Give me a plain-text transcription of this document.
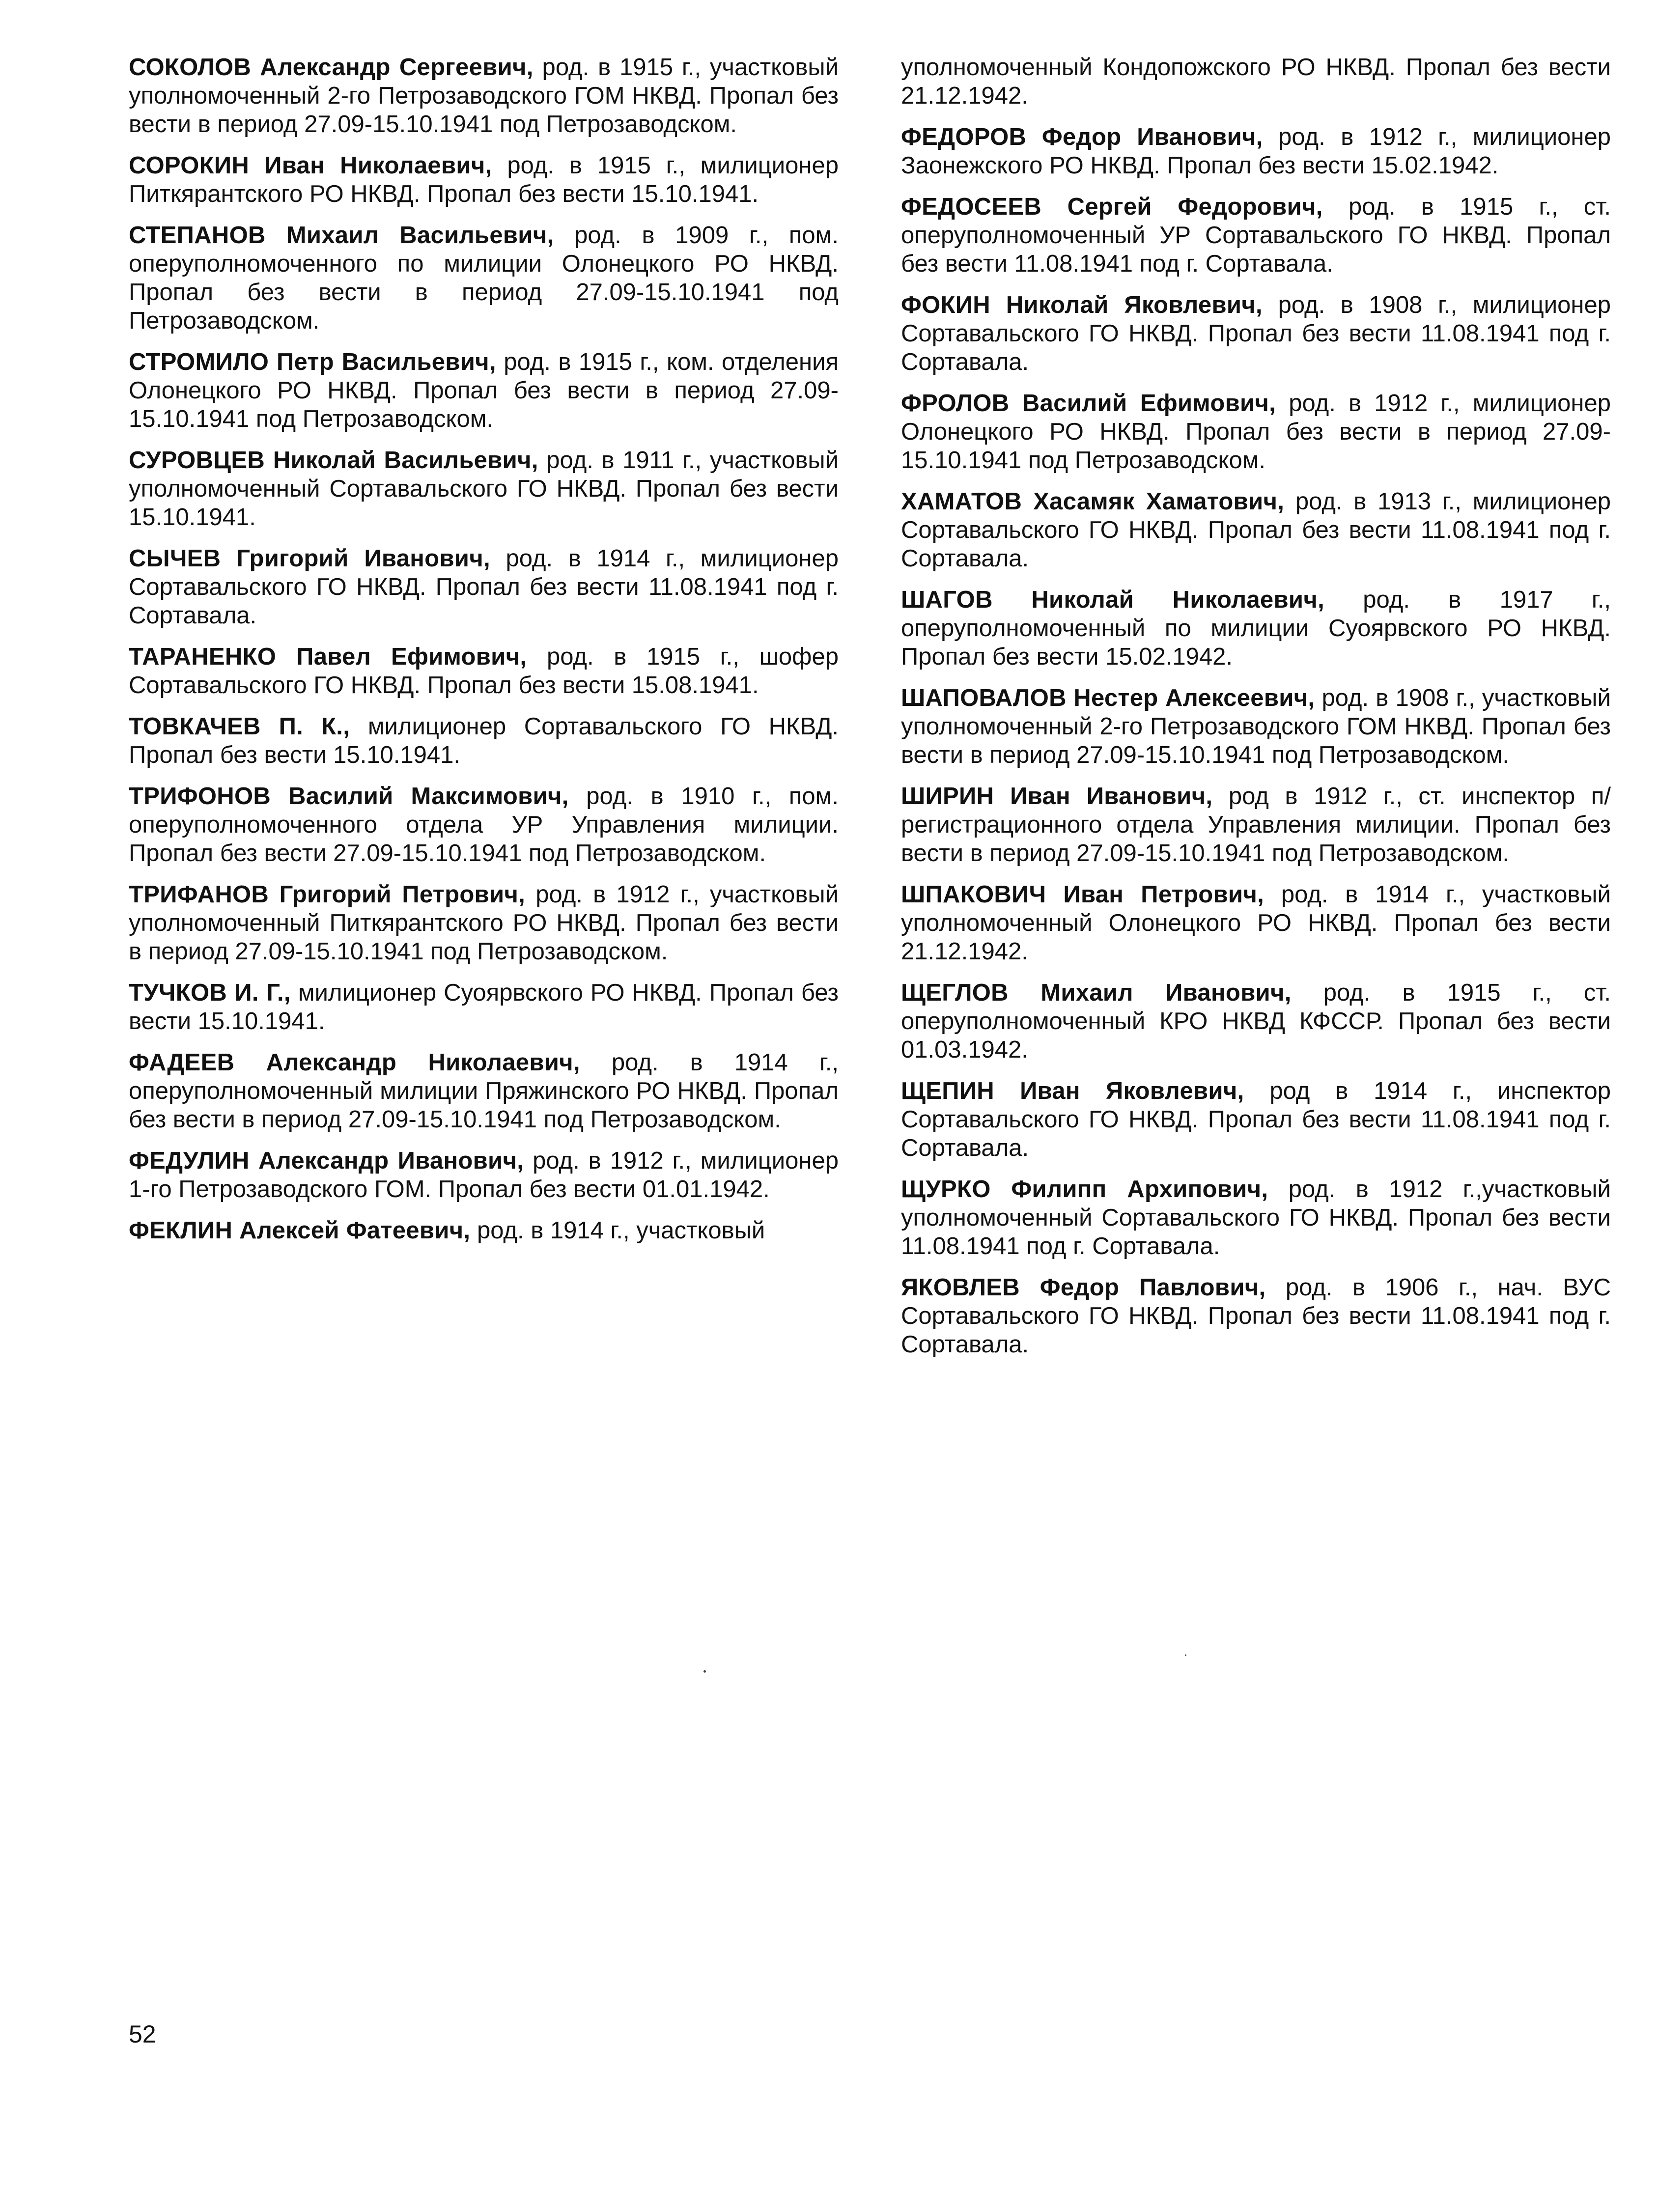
СОКОЛОВ Александр Сергеевич, род. в 1915 г., участковый уполномоченный 2-го Петрозаводского ГОМ НКВД. Пропал без вести в период 27.09-15.10.1941 под Петрозаводском.

СОРОКИН Иван Николаевич, род. в 1915 г., милиционер Питкярантского РО НКВД. Пропал без вести 15.10.1941.

СТЕПАНОВ Михаил Васильевич, род. в 1909 г., пом. оперуполномоченного по милиции Олонецкого РО НКВД. Пропал без вести в период 27.09-15.10.1941 под Петрозаводском.

СТРОМИЛО Петр Васильевич, род. в 1915 г., ком. отделения Олонецкого РО НКВД. Пропал без вести в период 27.09-15.10.1941 под Петрозаводском.

СУРОВЦЕВ Николай Васильевич, род. в 1911 г., участковый уполномоченный Сортавальского ГО НКВД. Пропал без вести 15.10.1941.

СЫЧЕВ Григорий Иванович, род. в 1914 г., милиционер Сортавальского ГО НКВД. Пропал без вести 11.08.1941 под г. Сортавала.

ТАРАНЕНКО Павел Ефимович, род. в 1915 г., шофер Сортавальского ГО НКВД. Пропал без вести 15.08.1941.

ТОВКАЧЕВ П. К., милиционер Сортавальского ГО НКВД. Пропал без вести 15.10.1941.

ТРИФОНОВ Василий Максимович, род. в 1910 г., пом. оперуполномоченного отдела УР Управления милиции. Пропал без вести 27.09-15.10.1941 под Петрозаводском.

ТРИФАНОВ Григорий Петрович, род. в 1912 г., участковый уполномоченный Питкярантского РО НКВД. Пропал без вести в период 27.09-15.10.1941 под Петрозаводском.

ТУЧКОВ И. Г., милиционер Суоярвского РО НКВД. Пропал без вести 15.10.1941.

ФАДЕЕВ Александр Николаевич, род. в 1914 г., оперуполномоченный милиции Пряжинского РО НКВД. Пропал без вести в период 27.09-15.10.1941 под Петрозаводском.

ФЕДУЛИН Александр Иванович, род. в 1912 г., милиционер 1-го Петрозаводского ГОМ. Пропал без вести 01.01.1942.

ФЕКЛИН Алексей Фатеевич, род. в 1914 г., участковый

уполномоченный Кондопожского РО НКВД. Пропал без вести 21.12.1942.

ФЕДОРОВ Федор Иванович, род. в 1912 г., милиционер Заонежского РО НКВД. Пропал без вести 15.02.1942.

ФЕДОСЕЕВ Сергей Федорович, род. в 1915 г., ст. оперуполномоченный УР Сортавальского ГО НКВД. Пропал без вести 11.08.1941 под г. Сортавала.

ФОКИН Николай Яковлевич, род. в 1908 г., милиционер Сортавальского ГО НКВД. Пропал без вести 11.08.1941 под г. Сортавала.

ФРОЛОВ Василий Ефимович, род. в 1912 г., милиционер Олонецкого РО НКВД. Пропал без вести в период 27.09-15.10.1941 под Петрозаводском.

ХАМАТОВ Хасамяк Хаматович, род. в 1913 г., милиционер Сортавальского ГО НКВД. Пропал без вести 11.08.1941 под г. Сортавала.

ШАГОВ Николай Николаевич, род. в 1917 г., оперуполномоченный по милиции Суоярвского РО НКВД. Пропал без вести 15.02.1942.

ШАПОВАЛОВ Нестер Алексеевич, род. в 1908 г., участковый уполномоченный 2-го Петрозаводского ГОМ НКВД. Пропал без вести в период 27.09-15.10.1941 под Петрозаводском.

ШИРИН Иван Иванович, род в 1912 г., ст. инспектор п/регистрационного отдела Управления милиции. Пропал без вести в период 27.09-15.10.1941 под Петрозаводском.

ШПАКОВИЧ Иван Петрович, род. в 1914 г., участковый уполномоченный Олонецкого РО НКВД. Пропал без вести 21.12.1942.

ЩЕГЛОВ Михаил Иванович, род. в 1915 г., ст. оперуполномоченный КРО НКВД КФССР. Пропал без вести 01.03.1942.

ЩЕПИН Иван Яковлевич, род в 1914 г., инспектор Сортавальского ГО НКВД. Пропал без вести 11.08.1941 под г. Сортавала.

ЩУРКО Филипп Архипович, род. в 1912 г.,участковый уполномоченный Сортавальского ГО НКВД. Пропал без вести 11.08.1941 под г. Сортавала.

ЯКОВЛЕВ Федор Павлович, род. в 1906 г., нач. ВУС Сортавальского ГО НКВД. Пропал без вести 11.08.1941 под г. Сортавала.

52
